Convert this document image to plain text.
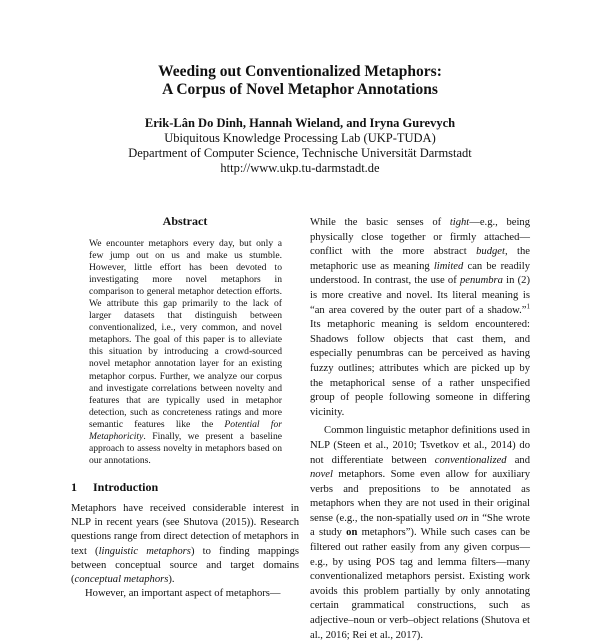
Weeding out Conventionalized Metaphors:
A Corpus of Novel Metaphor Annotations
Erik-Lân Do Dinh, Hannah Wieland, and Iryna Gurevych
Ubiquitous Knowledge Processing Lab (UKP-TUDA)
Department of Computer Science, Technische Universität Darmstadt
http://www.ukp.tu-darmstadt.de
Abstract
We encounter metaphors every day, but only a few jump out on us and make us stumble. However, little effort has been devoted to investigating more novel metaphors in comparison to general metaphor detection efforts. We attribute this gap primarily to the lack of larger datasets that distinguish between conventionalized, i.e., very common, and novel metaphors. The goal of this paper is to alleviate this situation by introducing a crowd-sourced novel metaphor annotation layer for an existing metaphor corpus. Further, we analyze our corpus and investigate correlations between novelty and features that are typically used in metaphor detection, such as concreteness ratings and more semantic features like the Potential for Metaphoricity. Finally, we present a baseline approach to assess novelty in metaphors based on our annotations.
1 Introduction

Metaphors have received considerable interest in NLP in recent years (see Shutova (2015)). Research questions range from direct detection of metaphors in text (linguistic metaphors) to finding mappings between conceptual source and target domains (conceptual metaphors).

However, an important aspect of metaphors—

While the basic senses of tight—e.g., being physically close together or firmly attached—conflict with the more abstract budget, the metaphoric use as meaning limited can be readily understood. In contrast, the use of penumbra in (2) is more creative and novel. Its literal meaning is “an area covered by the outer part of a shadow.”$^1$ Its metaphoric meaning is seldom encountered: Shadows follow objects that cast them, and especially penumbras can be perceived as having fuzzy outlines; attributes which are picked up by the metaphorical sense of a rather unspecified group of people following someone in differing vicinity.

Common linguistic metaphor definitions used in NLP (Steen et al., 2010; Tsvetkov et al., 2014) do not differentiate between conventionalized and novel metaphors. Some even allow for auxiliary verbs and prepositions to be annotated as metaphors when they are not used in their original sense (e.g., the non-spatially used on in “She wrote a study on metaphors”). While such cases can be filtered out rather easily from any given corpus—e.g., by using POS tag and lemma filters—many conventionalized metaphors persist. Existing work avoids this problem partially by only annotating certain grammatical constructions, such as adjective–noun or verb–object relations (Shutova et al., 2016; Rei et al., 2017).
